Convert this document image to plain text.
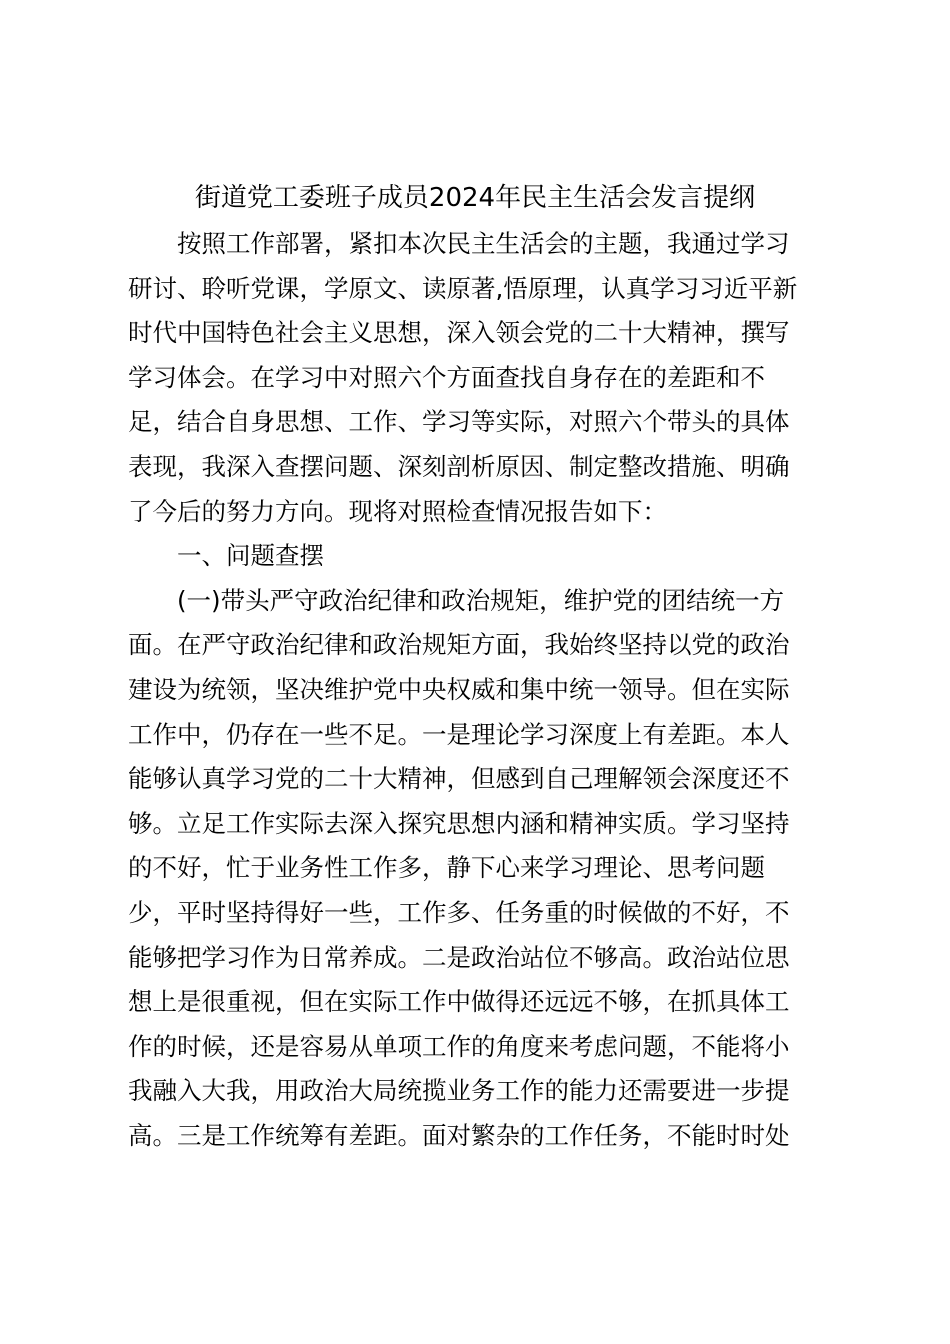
街道党工委班子成员2024年民主生活会发言提纲
按照工作部署，紧扣本次民主生活会的主题，我通过学习
研讨、聆听党课，学原文、读原著,悟原理，认真学习习近平新
时代中国特色社会主义思想，深入领会党的二十大精神，撰写
学习体会。在学习中对照六个方面查找自身存在的差距和不
足，结合自身思想、工作、学习等实际，对照六个带头的具体
表现，我深入查摆问题、深刻剖析原因、制定整改措施、明确
了今后的努力方向。现将对照检查情况报告如下：
一、问题查摆
(一)带头严守政治纪律和政治规矩，维护党的团结统一方
面。在严守政治纪律和政治规矩方面，我始终坚持以党的政治
建设为统领，坚决维护党中央权威和集中统一领导。但在实际
工作中，仍存在一些不足。一是理论学习深度上有差距。本人
能够认真学习党的二十大精神，但感到自己理解领会深度还不
够。立足工作实际去深入探究思想内涵和精神实质。学习坚持
的不好，忙于业务性工作多，静下心来学习理论、思考问题
少，平时坚持得好一些，工作多、任务重的时候做的不好，不
能够把学习作为日常养成。二是政治站位不够高。政治站位思
想上是很重视，但在实际工作中做得还远远不够，在抓具体工
作的时候，还是容易从单项工作的角度来考虑问题，不能将小
我融入大我，用政治大局统揽业务工作的能力还需要进一步提
高。三是工作统筹有差距。面对繁杂的工作任务，不能时时处
